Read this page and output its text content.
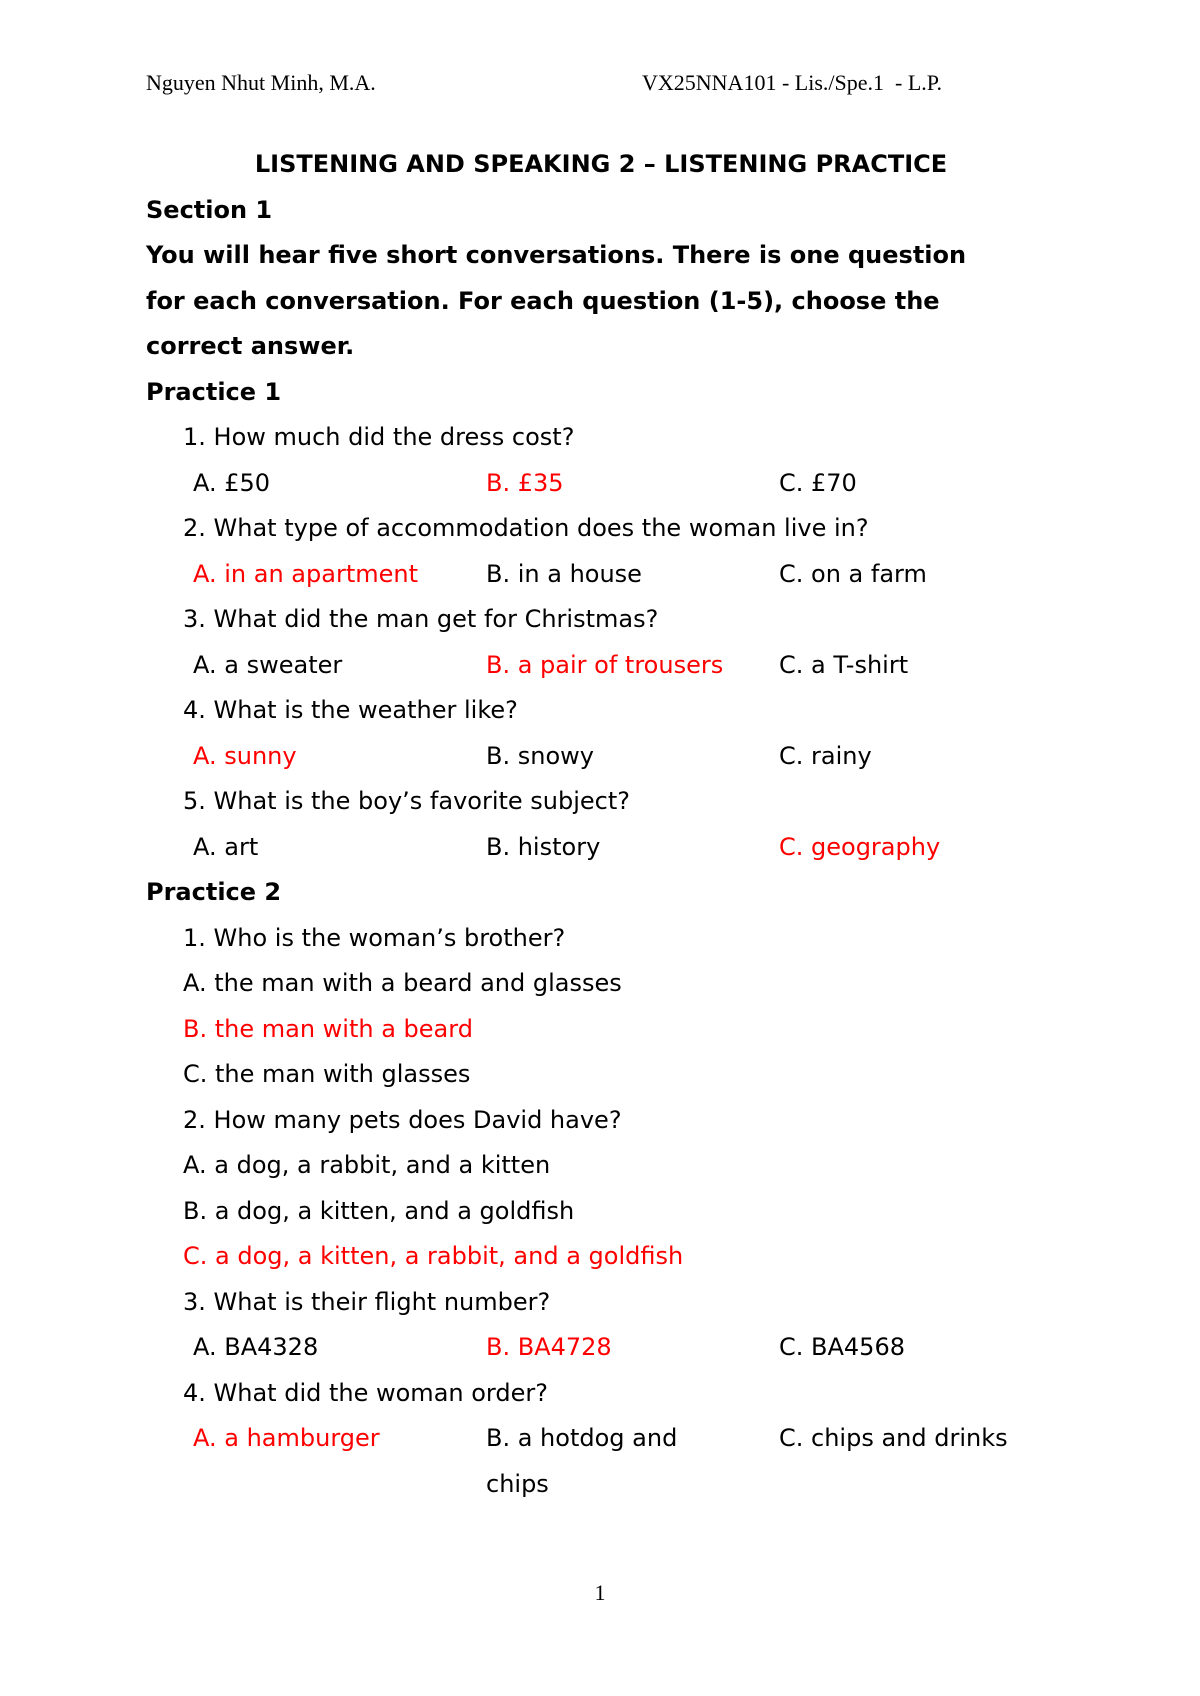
Nguyen Nhut Minh, M.A.	VX25NNA101 - Lis./Spe.1  - L.P.
LISTENING AND SPEAKING 2 – LISTENING PRACTICE
Section 1
You will hear five short conversations. There is one question
for each conversation. For each question (1-5), choose the
correct answer.
Practice 1
1. How much did the dress cost?
A. £50	B. £35	C. £70
2. What type of accommodation does the woman live in?
A. in an apartment	B. in a house	C. on a farm
3. What did the man get for Christmas?
A. a sweater	B. a pair of trousers C. a T-shirt
4. What is the weather like?
A. sunny	B. snowy	C. rainy
5. What is the boy’s favorite subject?
A. art	B. history	C. geography
Practice 2
1. Who is the woman’s brother?
A. the man with a beard and glasses
B. the man with a beard
C. the man with glasses
2. How many pets does David have?
A. a dog, a rabbit, and a kitten
B. a dog, a kitten, and a goldfish
C. a dog, a kitten, a rabbit, and a goldfish
3. What is their flight number?
A. BA4328	B. BA4728	C. BA4568
4. What did the woman order?
A. a hamburger	B. a hotdog and chips
C. chips and drinks
1
